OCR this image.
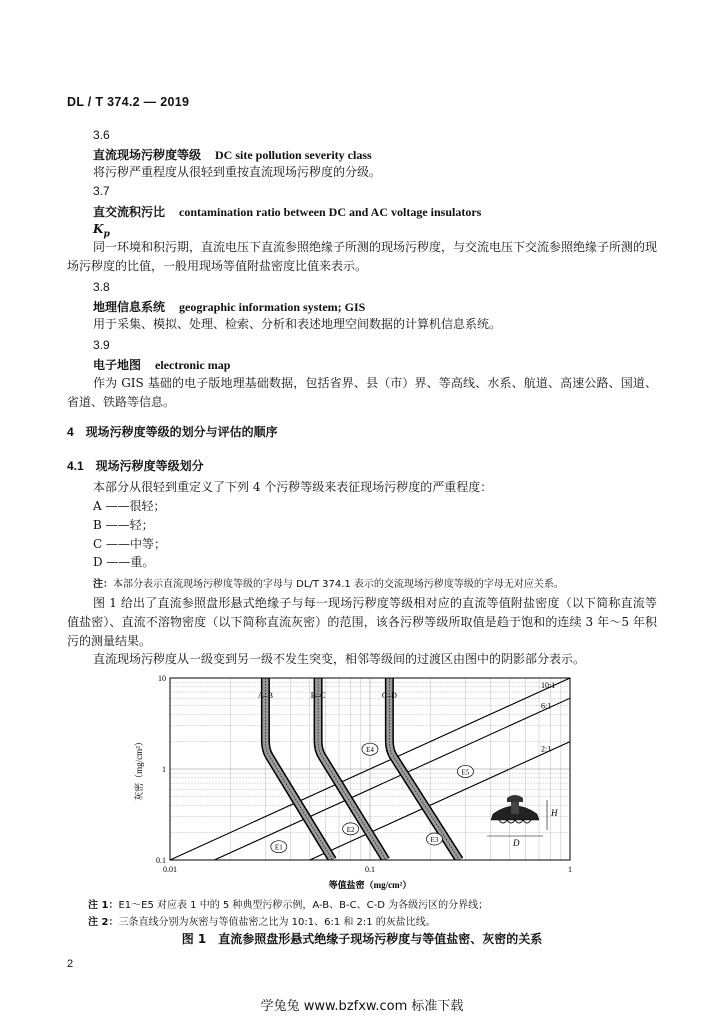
DL / T 374.2 — 2019
3.6
直流现场污秽度等级 DC site pollution severity class
将污秽严重程度从很轻到重按直流现场污秽度的分级。
3.7
直交流积污比 contamination ratio between DC and AC voltage insulators
$K_p$
同一环境和积污期，直流电压下直流参照绝缘子所测的现场污秽度，与交流电压下交流参照绝缘子所测的现场污秽度的比值，一般用现场等值附盐密度比值来表示。
3.8
地理信息系统 geographic information system; GIS
用于采集、模拟、处理、检索、分析和表述地理空间数据的计算机信息系统。
3.9
电子地图 electronic map
作为 GIS 基础的电子版地理基础数据，包括省界、县（市）界、等高线、水系、航道、高速公路、国道、省道、铁路等信息。
4　现场污秽度等级的划分与评估的顺序
4.1　现场污秽度等级划分
本部分从很轻到重定义了下列 4 个污秽等级来表征现场污秽度的严重程度：
A ——很轻；
B ——轻；
C ——中等；
D ——重。
注：本部分表示直流现场污秽度等级的字母与 DL/T 374.1 表示的交流现场污秽度等级的字母无对应关系。
图 1 给出了直流参照盘形悬式绝缘子与每一现场污秽度等级相对应的直流等值附盐密度（以下简称直流等值盐密）、直流不溶物密度（以下简称直流灰密）的范围，该各污秽等级所取值是趋于饱和的连续 3 年～5 年积污的测量结果。
直流现场污秽度从一级变到另一级不发生突变，相邻等级间的过渡区由图中的阴影部分表示。
0.01	0.1	1
0.1
1
10
10:1
6:1
2:1
A–B	B–C	C–D
E1
E2
E3
E4
E5
灰密（mg/cm²）
等值盐密（mg/cm²）
H
D
注 1：E1～E5 对应表 1 中的 5 种典型污秽示例，A-B、B-C、C-D 为各级污区的分界线；
注 2：三条直线分别为灰密与等值盐密之比为 10:1、6:1 和 2:1 的灰盐比线。
图 1　直流参照盘形悬式绝缘子现场污秽度与等值盐密、灰密的关系
2
学兔兔 www.bzfxw.com 标准下载
